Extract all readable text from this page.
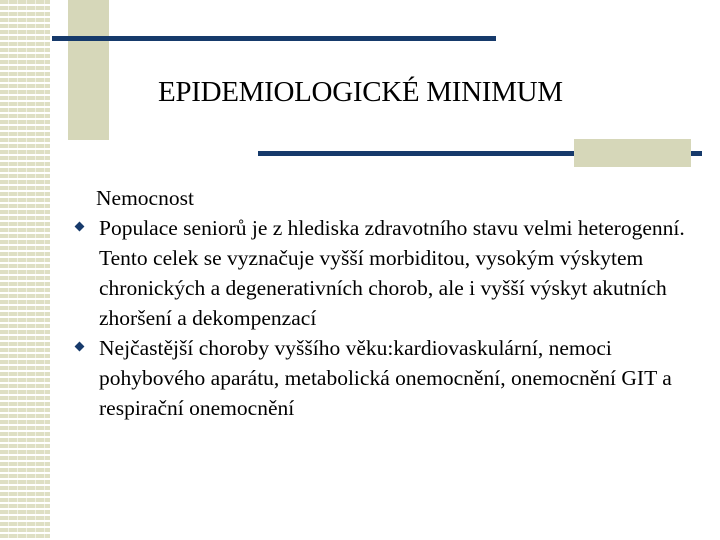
EPIDEMIOLOGICKÉ MINIMUM

Nemocnost

Populace seniorů je z hlediska zdravotního stavu velmi heterogenní. Tento celek se vyznačuje vyšší morbiditou, vysokým výskytem chronických a degenerativních chorob, ale i vyšší výskyt akutních zhoršení a dekompenzací
Nejčastější choroby vyššího věku:kardiovaskulární, nemoci pohybového aparátu, metabolická onemocnění, onemocnění GIT a respirační onemocnění
